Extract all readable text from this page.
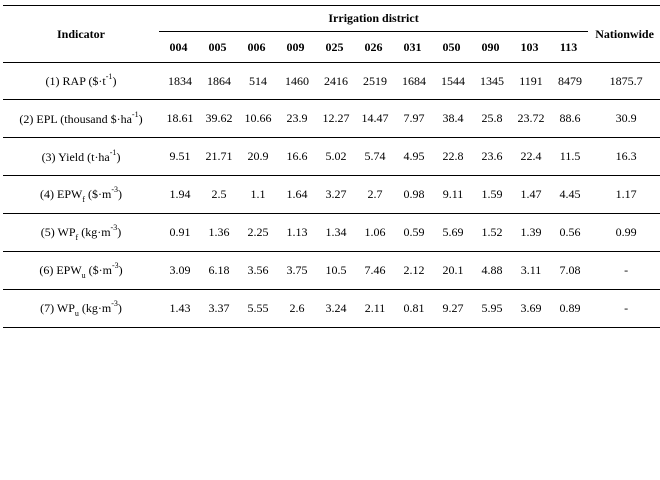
Indicator	Irrigation district											Nationwide
	004	005	006	009	025	026	031	050	090	103	113	
(1) RAP $(\$\cdot t^{-1})$	1834	1864	514	1460	2416	2519	1684	1544	1345	1191	8479	1875.7
(2) EPL (thousand $\$\cdot ha^{-1}$)	18.61	39.62	10.66	23.9	12.27	14.47	7.97	38.4	25.8	23.72	88.6	30.9
(3) Yield $(t\cdot ha^{-1})$	9.51	21.71	20.9	16.6	5.02	5.74	4.95	22.8	23.6	22.4	11.5	16.3
(4) $EPW_f$ $(\$\cdot m^{-3})$	1.94	2.5	1.1	1.64	3.27	2.7	0.98	9.11	1.59	1.47	4.45	1.17
(5) $WP_f$ $(kg\cdot m^{-3})$	0.91	1.36	2.25	1.13	1.34	1.06	0.59	5.69	1.52	1.39	0.56	0.99
(6) $EPW_u$ $(\$\cdot m^{-3})$	3.09	6.18	3.56	3.75	10.5	7.46	2.12	20.1	4.88	3.11	7.08	-
(7) $WP_u$ $(kg\cdot m^{-3})$	1.43	3.37	5.55	2.6	3.24	2.11	0.81	9.27	5.95	3.69	0.89	-
